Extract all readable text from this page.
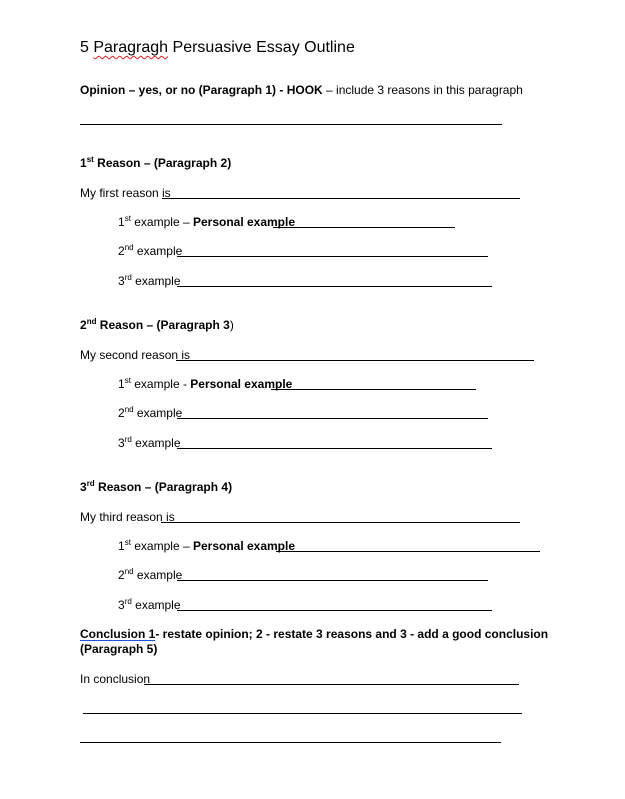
5 Paragragh Persuasive Essay Outline
Opinion – yes, or no (Paragraph 1) - HOOK – include 3 reasons in this paragraph
1st Reason – (Paragraph 2)
My first reason is
1st example – Personal example
2nd example
3rd example
2nd Reason – (Paragraph 3)
My second reason is
1st example - Personal example
2nd example
3rd example
3rd Reason – (Paragraph 4)
My third reason is
1st example – Personal example
2nd example
3rd example
Conclusion 1- restate opinion; 2 - restate 3 reasons and 3 - add a good conclusion
(Paragraph 5)
In conclusion
